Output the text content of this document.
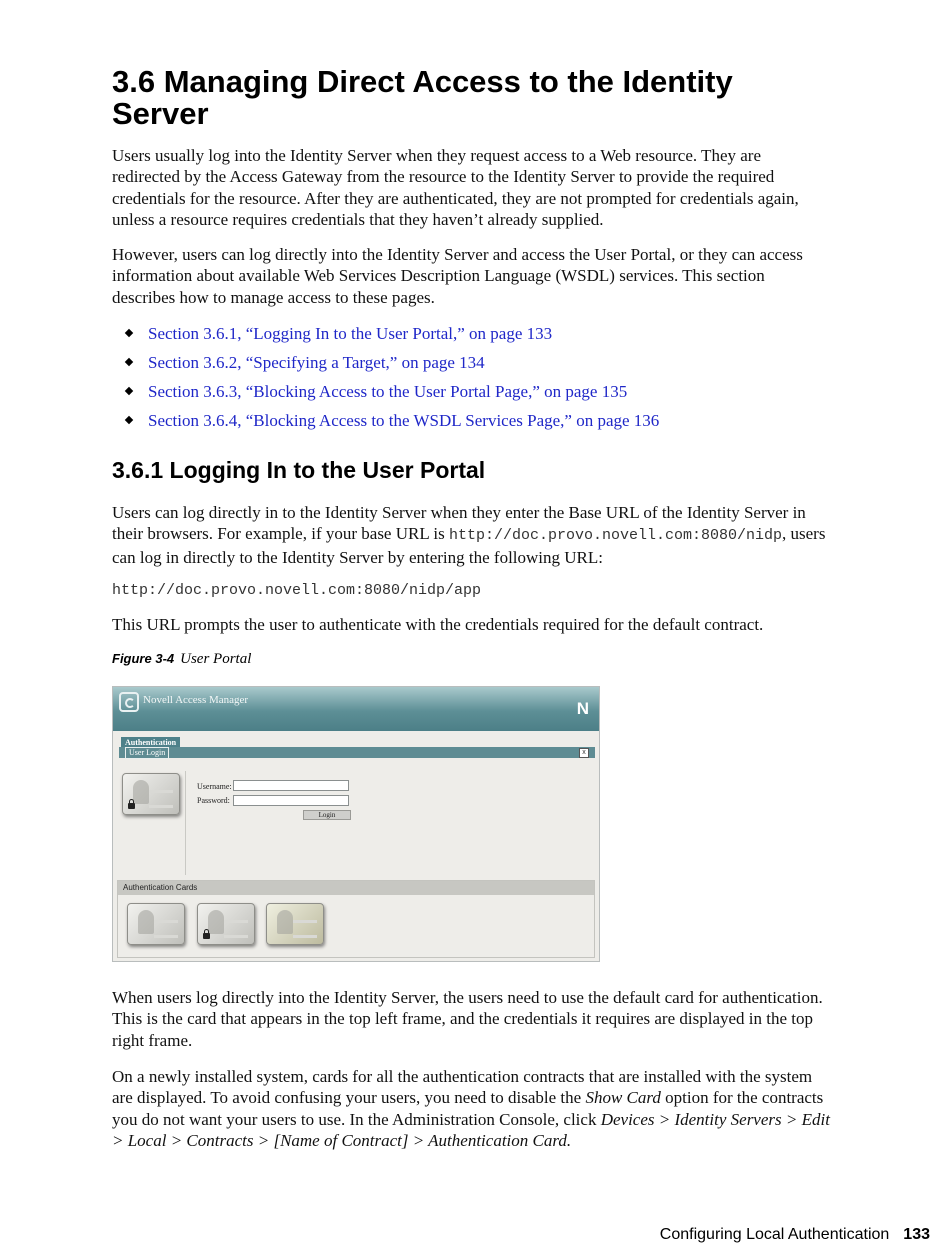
3.6 Managing Direct Access to the Identity Server

Users usually log into the Identity Server when they request access to a Web resource. They are redirected by the Access Gateway from the resource to the Identity Server to provide the required credentials for the resource. After they are authenticated, they are not prompted for credentials again, unless a resource requires credentials that they haven’t already supplied.

However, users can log directly into the Identity Server and access the User Portal, or they can access information about available Web Services Description Language (WSDL) services. This section describes how to manage access to these pages.

Section 3.6.1, “Logging In to the User Portal,” on page 133
Section 3.6.2, “Specifying a Target,” on page 134
Section 3.6.3, “Blocking Access to the User Portal Page,” on page 135
Section 3.6.4, “Blocking Access to the WSDL Services Page,” on page 136
3.6.1 Logging In to the User Portal

Users can log directly in to the Identity Server when they enter the Base URL of the Identity Server in their browsers. For example, if your base URL is http://doc.provo.novell.com:8080/nidp, users can log in directly to the Identity Server by entering the following URL:

http://doc.provo.novell.com:8080/nidp/app

This URL prompts the user to authenticate with the credentials required for the default contract.

Figure 3-4 User Portal
Novell Access Manager	N
Authentication
User Login	x
Username:
Password:
Login
Authentication Cards

When users log directly into the Identity Server, the users need to use the default card for authentication. This is the card that appears in the top left frame, and the credentials it requires are displayed in the top right frame.

On a newly installed system, cards for all the authentication contracts that are installed with the system are displayed. To avoid confusing your users, you need to disable the Show Card option for the contracts you do not want your users to use. In the Administration Console, click Devices > Identity Servers > Edit > Local > Contracts > [Name of Contract] > Authentication Card.

Configuring Local Authentication 133
